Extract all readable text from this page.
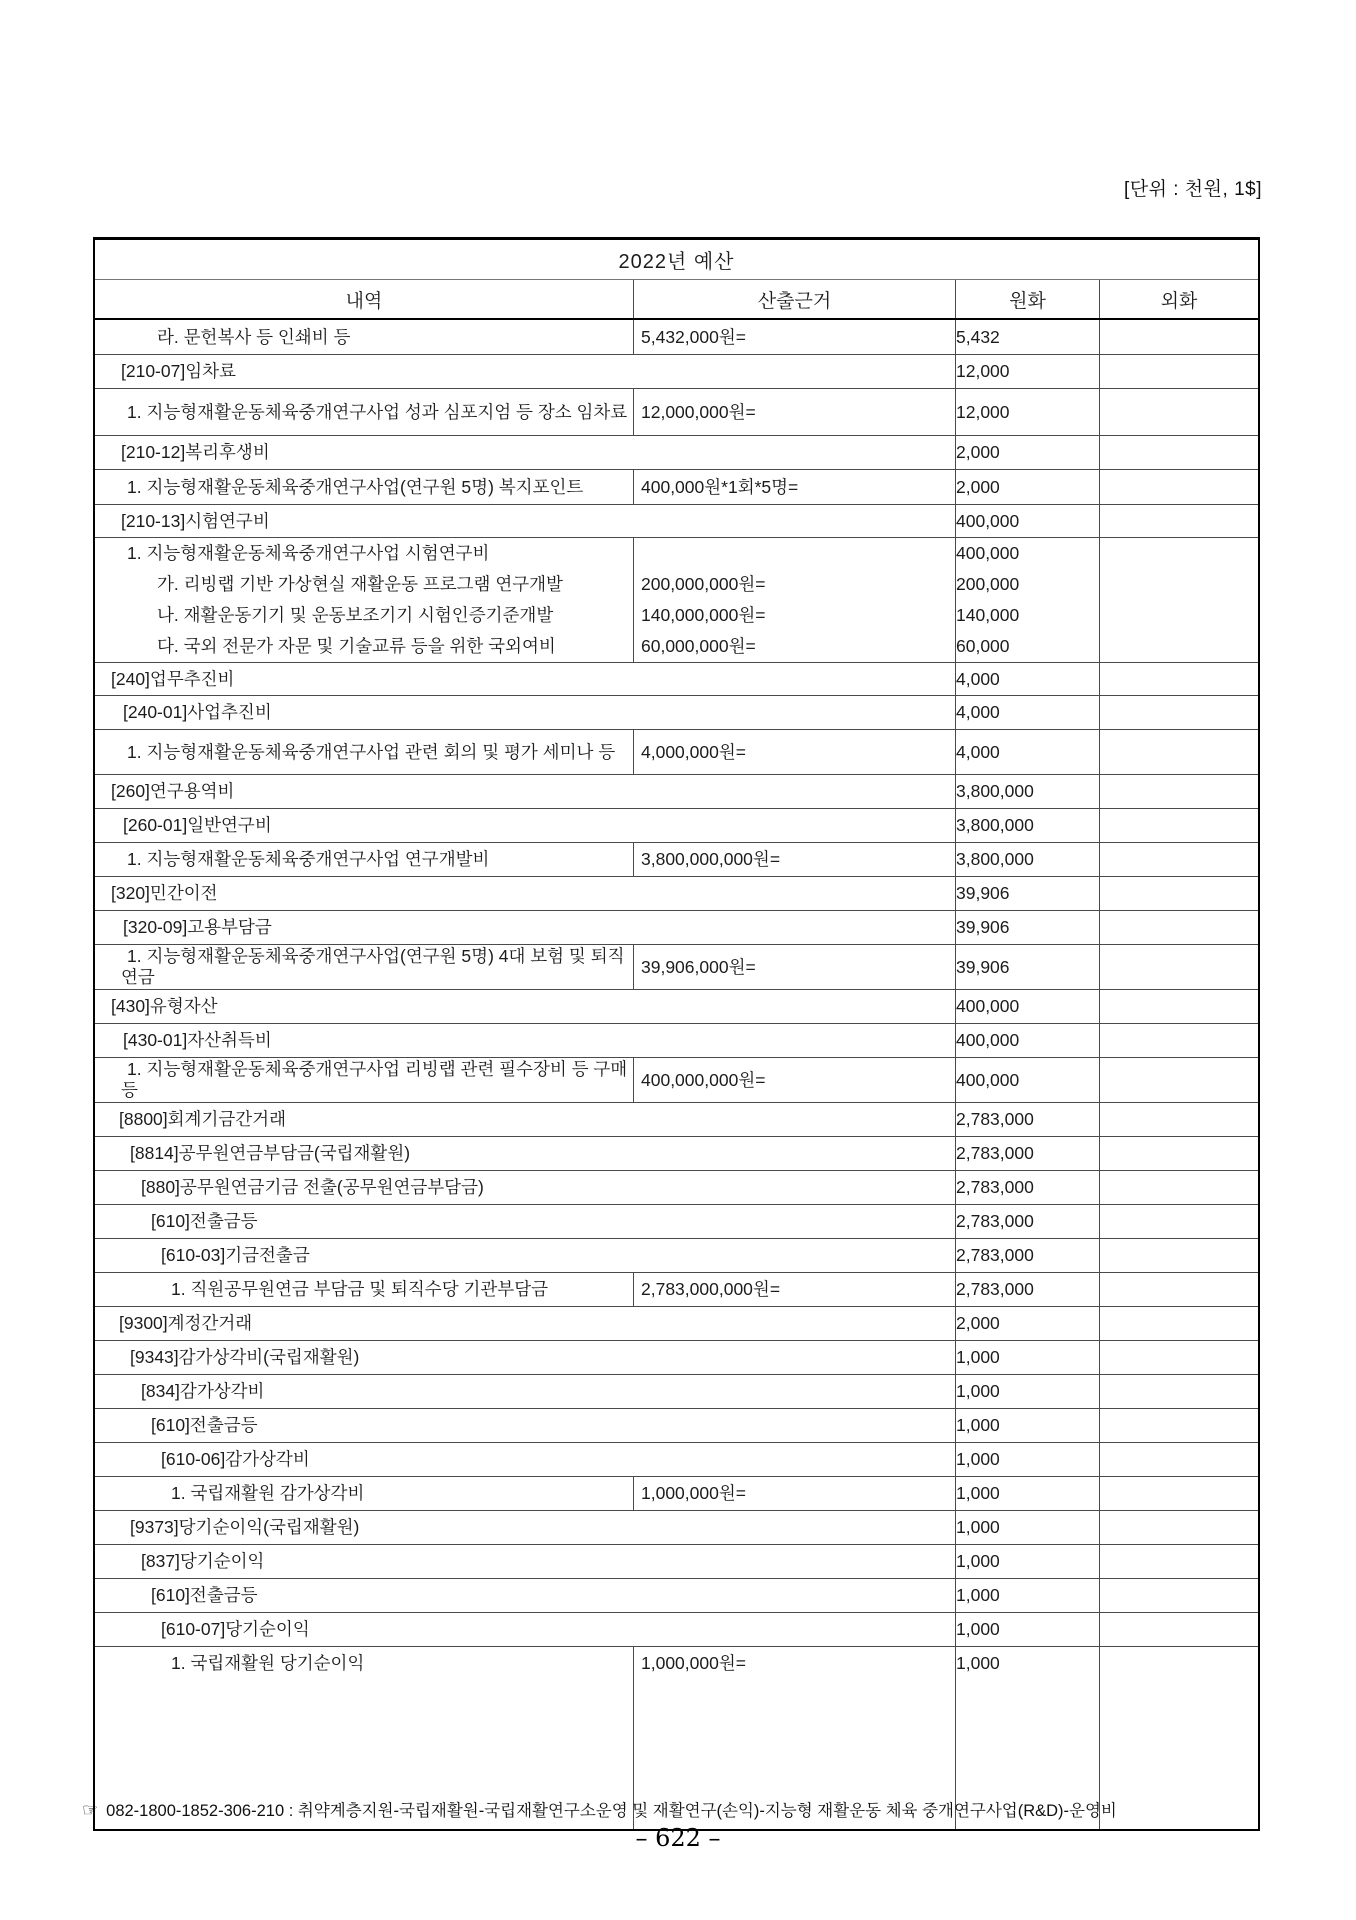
[단위 : 천원, 1$]
2022년 예산
내역	산출근거	원화	외화
라. 문헌복사 등 인쇄비 등	5,432,000원=	5,432
[210-07]임차료	12,000
1. 지능형재활운동체육중개연구사업 성과 심포지엄 등 장소 임차료 12,000,000원=	12,000
[210-12]복리후생비	2,000
1. 지능형재활운동체육중개연구사업(연구원 5명) 복지포인트	400,000원*1회*5명=	2,000
[210-13]시험연구비	400,000
1. 지능형재활운동체육중개연구사업 시험연구비	400,000
가. 리빙랩 기반 가상현실 재활운동 프로그램 연구개발	200,000,000원=	200,000
나. 재활운동기기 및 운동보조기기 시험인증기준개발	140,000,000원=	140,000
다. 국외 전문가 자문 및 기술교류 등을 위한 국외여비	60,000,000원=	60,000
[240]업무추진비	4,000
[240-01]사업추진비	4,000
1. 지능형재활운동체육중개연구사업 관련 회의 및 평가 세미나 등	4,000,000원=	4,000
[260]연구용역비	3,800,000
[260-01]일반연구비	3,800,000
1. 지능형재활운동체육중개연구사업 연구개발비	3,800,000,000원=	3,800,000
[320]민간이전	39,906
[320-09]고용부담금	39,906
1. 지능형재활운동체육중개연구사업(연구원 5명) 4대 보험 및 퇴직연금
39,906,000원=	39,906
[430]유형자산	400,000
[430-01]자산취득비	400,000
1. 지능형재활운동체육중개연구사업 리빙랩 관련 필수장비 등 구매 등
400,000,000원=	400,000
[8800]회계기금간거래	2,783,000
[8814]공무원연금부담금(국립재활원)	2,783,000
[880]공무원연금기금 전출(공무원연금부담금)	2,783,000
[610]전출금등	2,783,000
[610-03]기금전출금	2,783,000
1. 직원공무원연금 부담금 및 퇴직수당 기관부담금	2,783,000,000원=	2,783,000
[9300]계정간거래	2,000
[9343]감가상각비(국립재활원)	1,000
[834]감가상각비	1,000
[610]전출금등	1,000
[610-06]감가상각비	1,000
1. 국립재활원 감가상각비	1,000,000원=	1,000
[9373]당기순이익(국립재활원)	1,000
[837]당기순이익	1,000
[610]전출금등	1,000
[610-07]당기순이익	1,000
1. 국립재활원 당기순이익	1,000,000원=	1,000
☞ 082-1800-1852-306-210 : 취약계층지원-국립재활원-국립재활연구소운영 및 재활연구(손익)-지능형 재활운동 체육 중개연구사업(R&D)-운영비
– 622 –
